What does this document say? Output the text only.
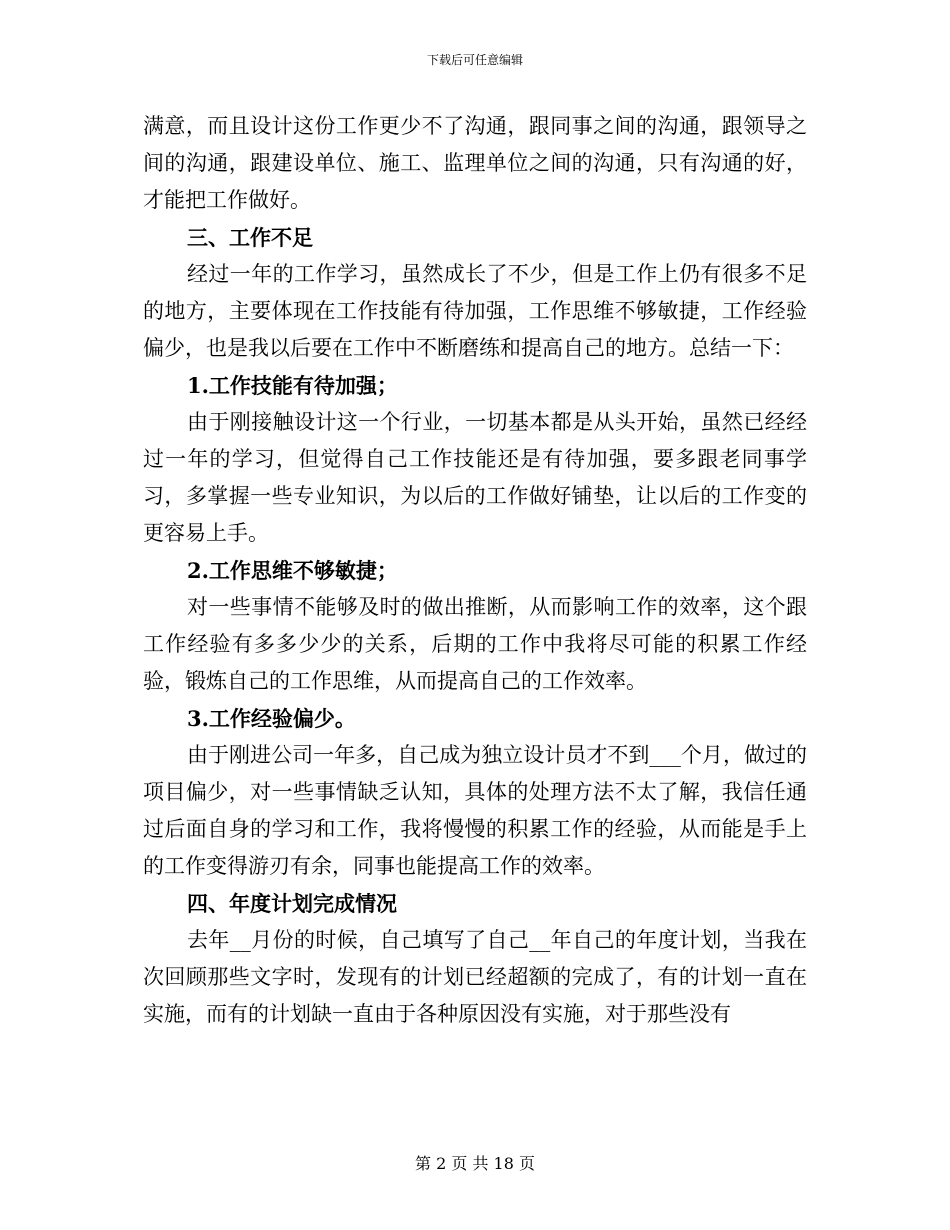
下载后可任意编辑

满意，而且设计这份工作更少不了沟通，跟同事之间的沟通，跟领导之间的沟通，跟建设单位、施工、监理单位之间的沟通，只有沟通的好，才能把工作做好。

三、工作不足

经过一年的工作学习，虽然成长了不少，但是工作上仍有很多不足的地方，主要体现在工作技能有待加强，工作思维不够敏捷，工作经验偏少，也是我以后要在工作中不断磨练和提高自己的地方。总结一下：

1.工作技能有待加强；

由于刚接触设计这一个行业，一切基本都是从头开始，虽然已经经过一年的学习，但觉得自己工作技能还是有待加强，要多跟老同事学习，多掌握一些专业知识，为以后的工作做好铺垫，让以后的工作变的更容易上手。

2.工作思维不够敏捷；

对一些事情不能够及时的做出推断，从而影响工作的效率，这个跟工作经验有多多少少的关系，后期的工作中我将尽可能的积累工作经验，锻炼自己的工作思维，从而提高自己的工作效率。

3.工作经验偏少。

由于刚进公司一年多，自己成为独立设计员才不到___个月，做过的项目偏少，对一些事情缺乏认知，具体的处理方法不太了解，我信任通过后面自身的学习和工作，我将慢慢的积累工作的经验，从而能是手上的工作变得游刃有余，同事也能提高工作的效率。

四、年度计划完成情况

去年__月份的时候，自己填写了自己__年自己的年度计划，当我在次回顾那些文字时，发现有的计划已经超额的完成了，有的计划一直在实施，而有的计划缺一直由于各种原因没有实施，对于那些没有

第 2 页 共 18 页
